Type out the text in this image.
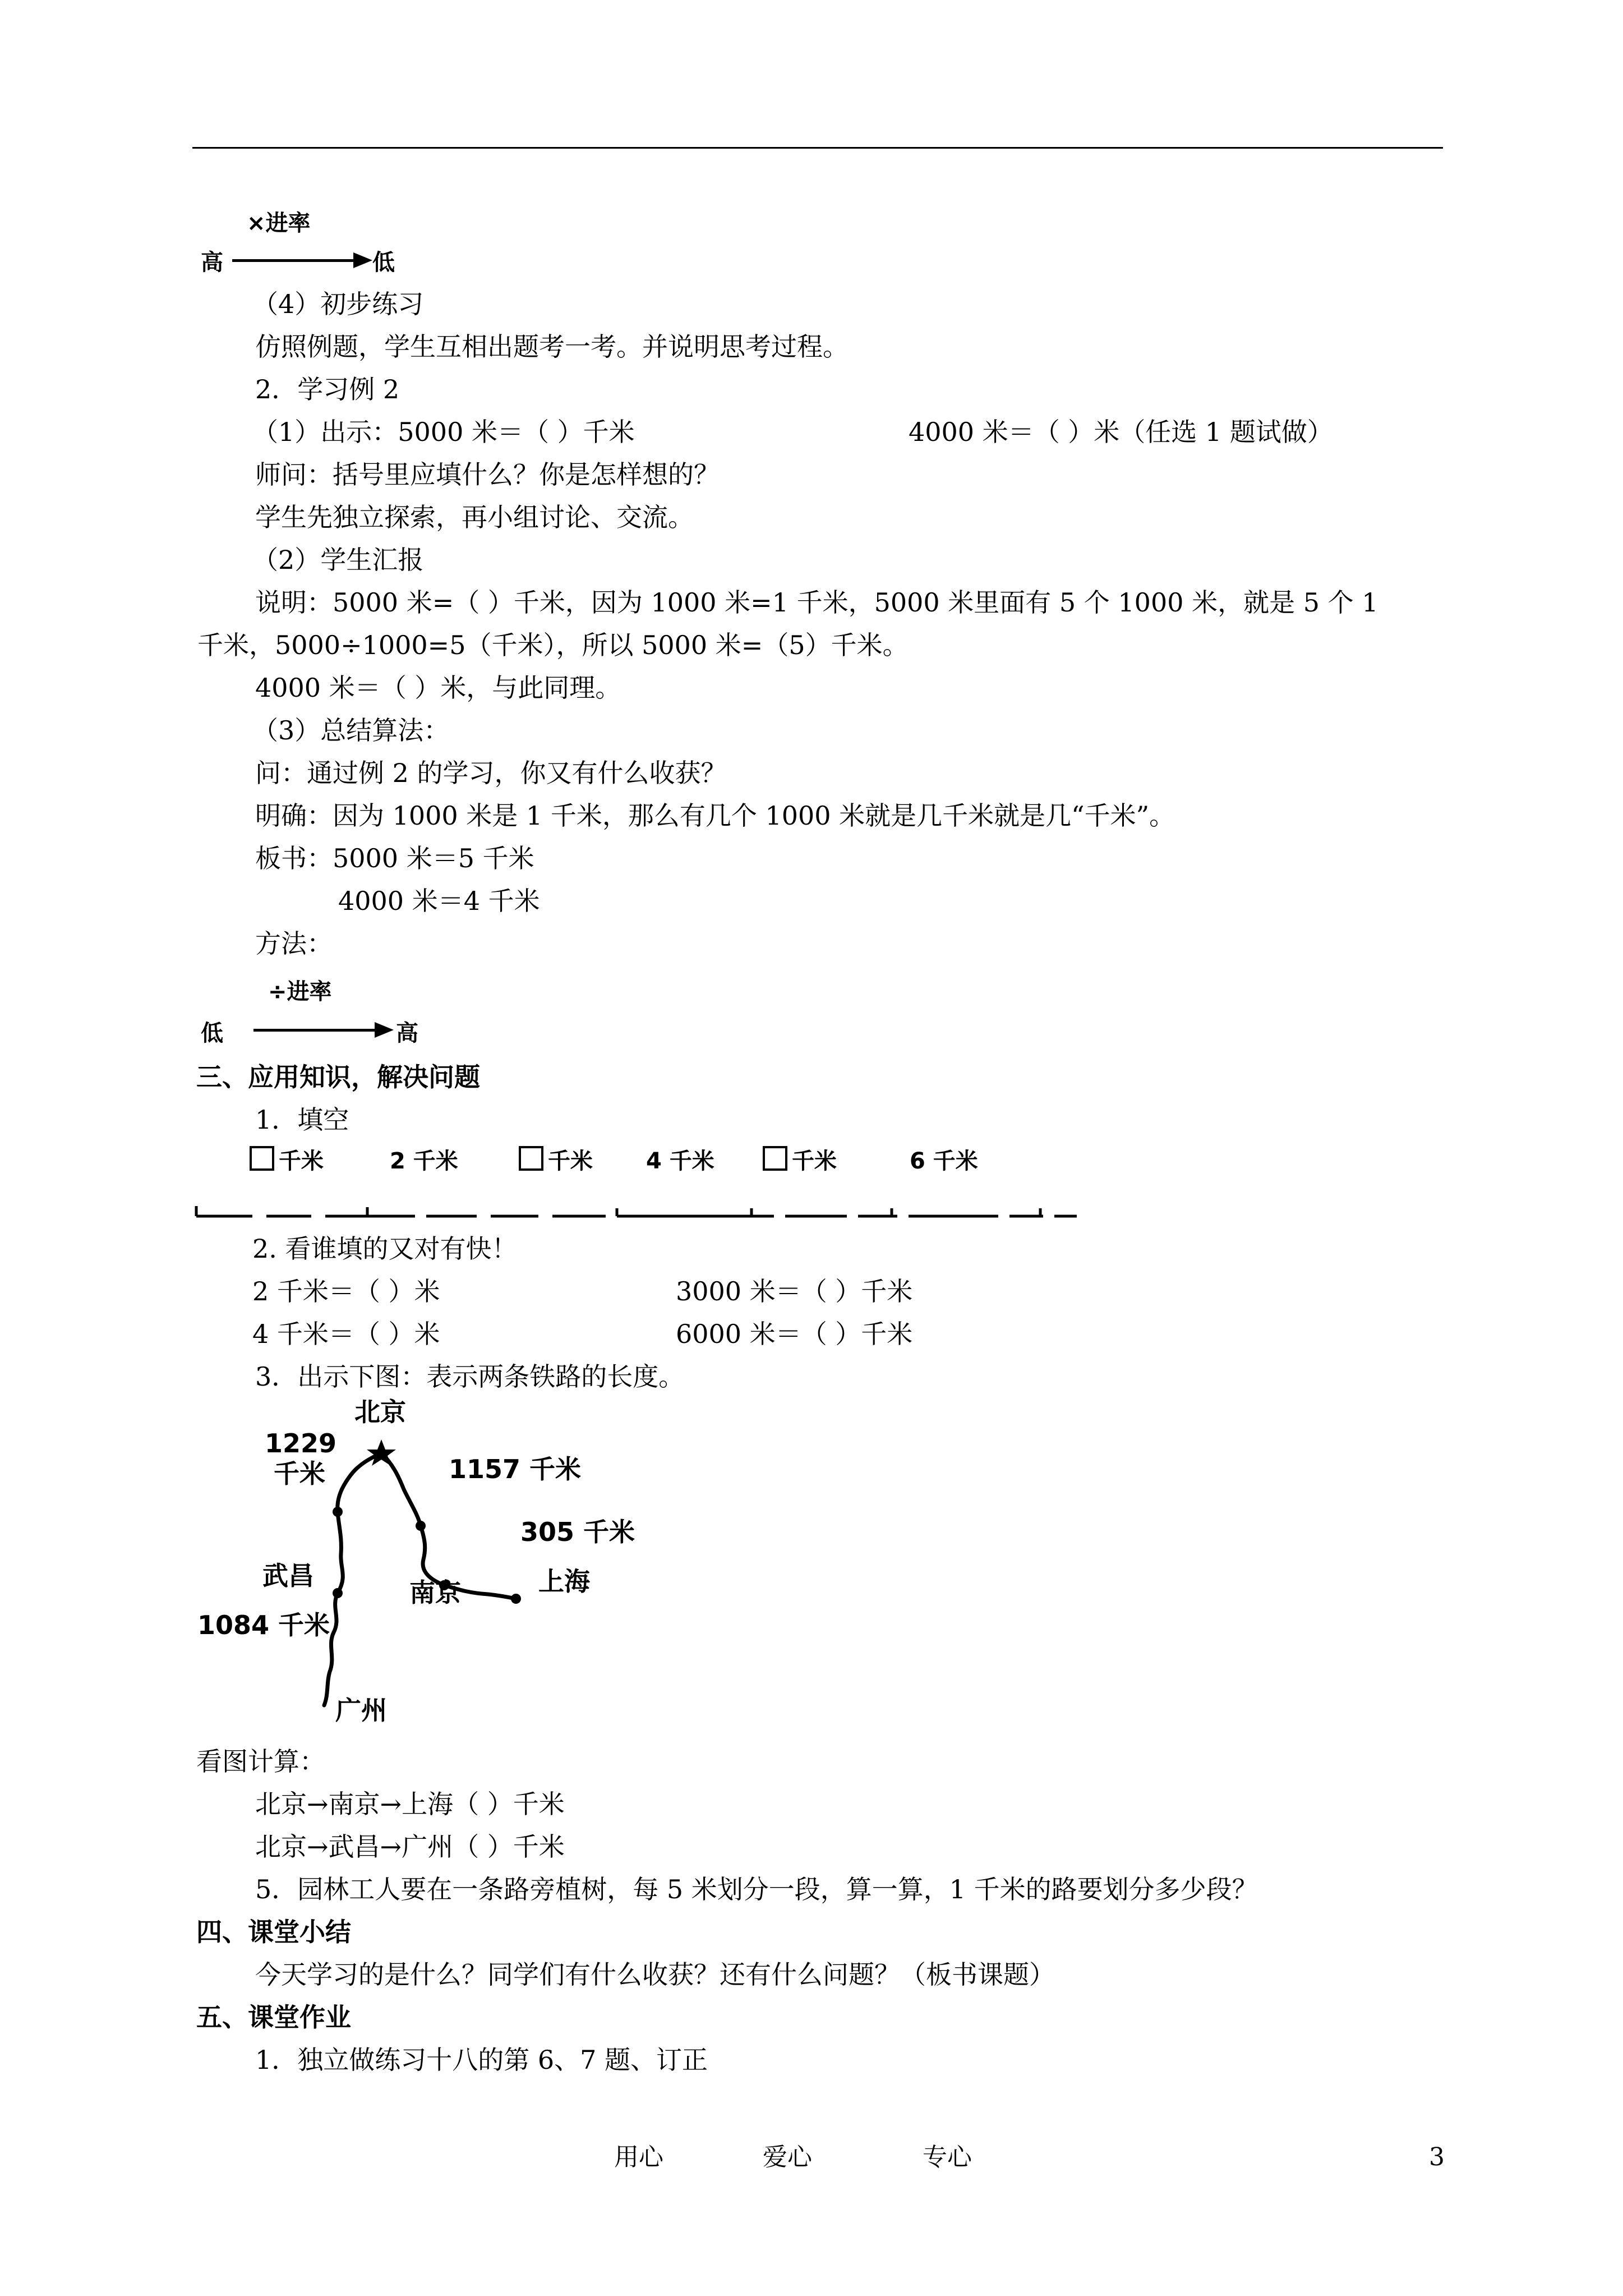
×进率
高	低
（4）初步练习
仿照例题，学生互相出题考一考。并说明思考过程。
2．学习例 2
（1）出示：5000 米＝（ ）千米	4000 米＝（ ）米（任选 1 题试做）
师问：括号里应填什么？你是怎样想的？
学生先独立探索，再小组讨论、交流。
（2）学生汇报
说明：5000 米=（ ）千米，因为 1000 米=1 千米，5000 米里面有 5 个 1000 米，就是 5 个 1
千米，5000÷1000=5（千米），所以 5000 米=（5）千米。
4000 米＝（ ）米，与此同理。
（3）总结算法：
问：通过例 2 的学习，你又有什么收获？
明确：因为 1000 米是 1 千米，那么有几个 1000 米就是几千米就是几“千米”。
板书：5000 米＝5 千米
4000 米＝4 千米
方法：
÷进率
低	高
三、应用知识，解决问题
1．填空
千米	2 千米	千米 4 千米	千米	6 千米
2. 看谁填的又对有快！
2 千米＝（ ）米	3000 米＝（ ）千米
4 千米＝（ ）米	6000 米＝（ ）千米
3．出示下图：表示两条铁路的长度。
北京
1229
千米	1157 千米
305 千米
武昌
南京	上海
1084 千米
广州
看图计算：
北京→南京→上海（ ）千米
北京→武昌→广州（ ）千米
5．园林工人要在一条路旁植树，每 5 米划分一段，算一算，1 千米的路要划分多少段？
四、课堂小结
今天学习的是什么？同学们有什么收获？还有什么问题？（板书课题）
五、课堂作业
1．独立做练习十八的第 6、7 题、订正
用心	爱心	专心	3
